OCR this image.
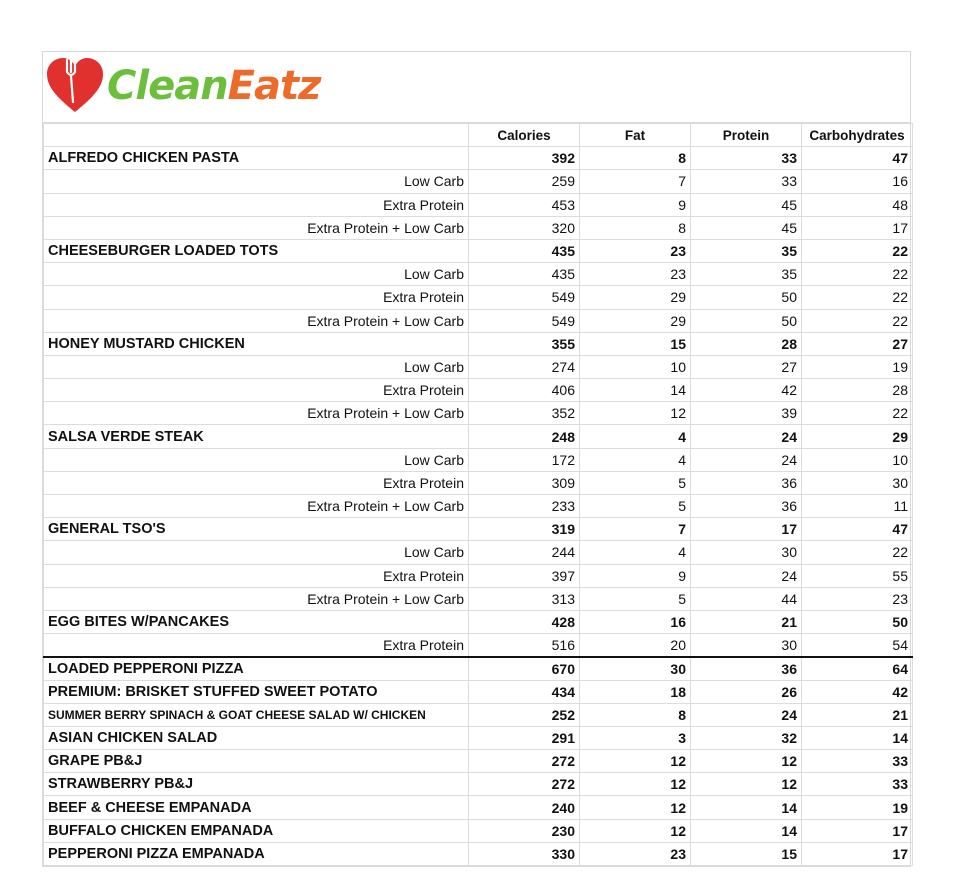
CleanEatz
	Calories	Fat	Protein	Carbohydrates
ALFREDO CHICKEN PASTA	392	8	33	47
Low Carb	259	7	33	16
Extra Protein	453	9	45	48
Extra Protein + Low Carb	320	8	45	17
CHEESEBURGER LOADED TOTS	435	23	35	22
Low Carb	435	23	35	22
Extra Protein	549	29	50	22
Extra Protein + Low Carb	549	29	50	22
HONEY MUSTARD CHICKEN	355	15	28	27
Low Carb	274	10	27	19
Extra Protein	406	14	42	28
Extra Protein + Low Carb	352	12	39	22
SALSA VERDE STEAK	248	4	24	29
Low Carb	172	4	24	10
Extra Protein	309	5	36	30
Extra Protein + Low Carb	233	5	36	11
GENERAL TSO'S	319	7	17	47
Low Carb	244	4	30	22
Extra Protein	397	9	24	55
Extra Protein + Low Carb	313	5	44	23
EGG BITES W/PANCAKES	428	16	21	50
Extra Protein	516	20	30	54
LOADED PEPPERONI PIZZA	670	30	36	64
PREMIUM: BRISKET STUFFED SWEET POTATO	434	18	26	42
SUMMER BERRY SPINACH & GOAT CHEESE SALAD W/ CHICKEN	252	8	24	21
ASIAN CHICKEN SALAD	291	3	32	14
GRAPE PB&J	272	12	12	33
STRAWBERRY PB&J	272	12	12	33
BEEF & CHEESE EMPANADA	240	12	14	19
BUFFALO CHICKEN EMPANADA	230	12	14	17
PEPPERONI PIZZA EMPANADA	330	23	15	17
